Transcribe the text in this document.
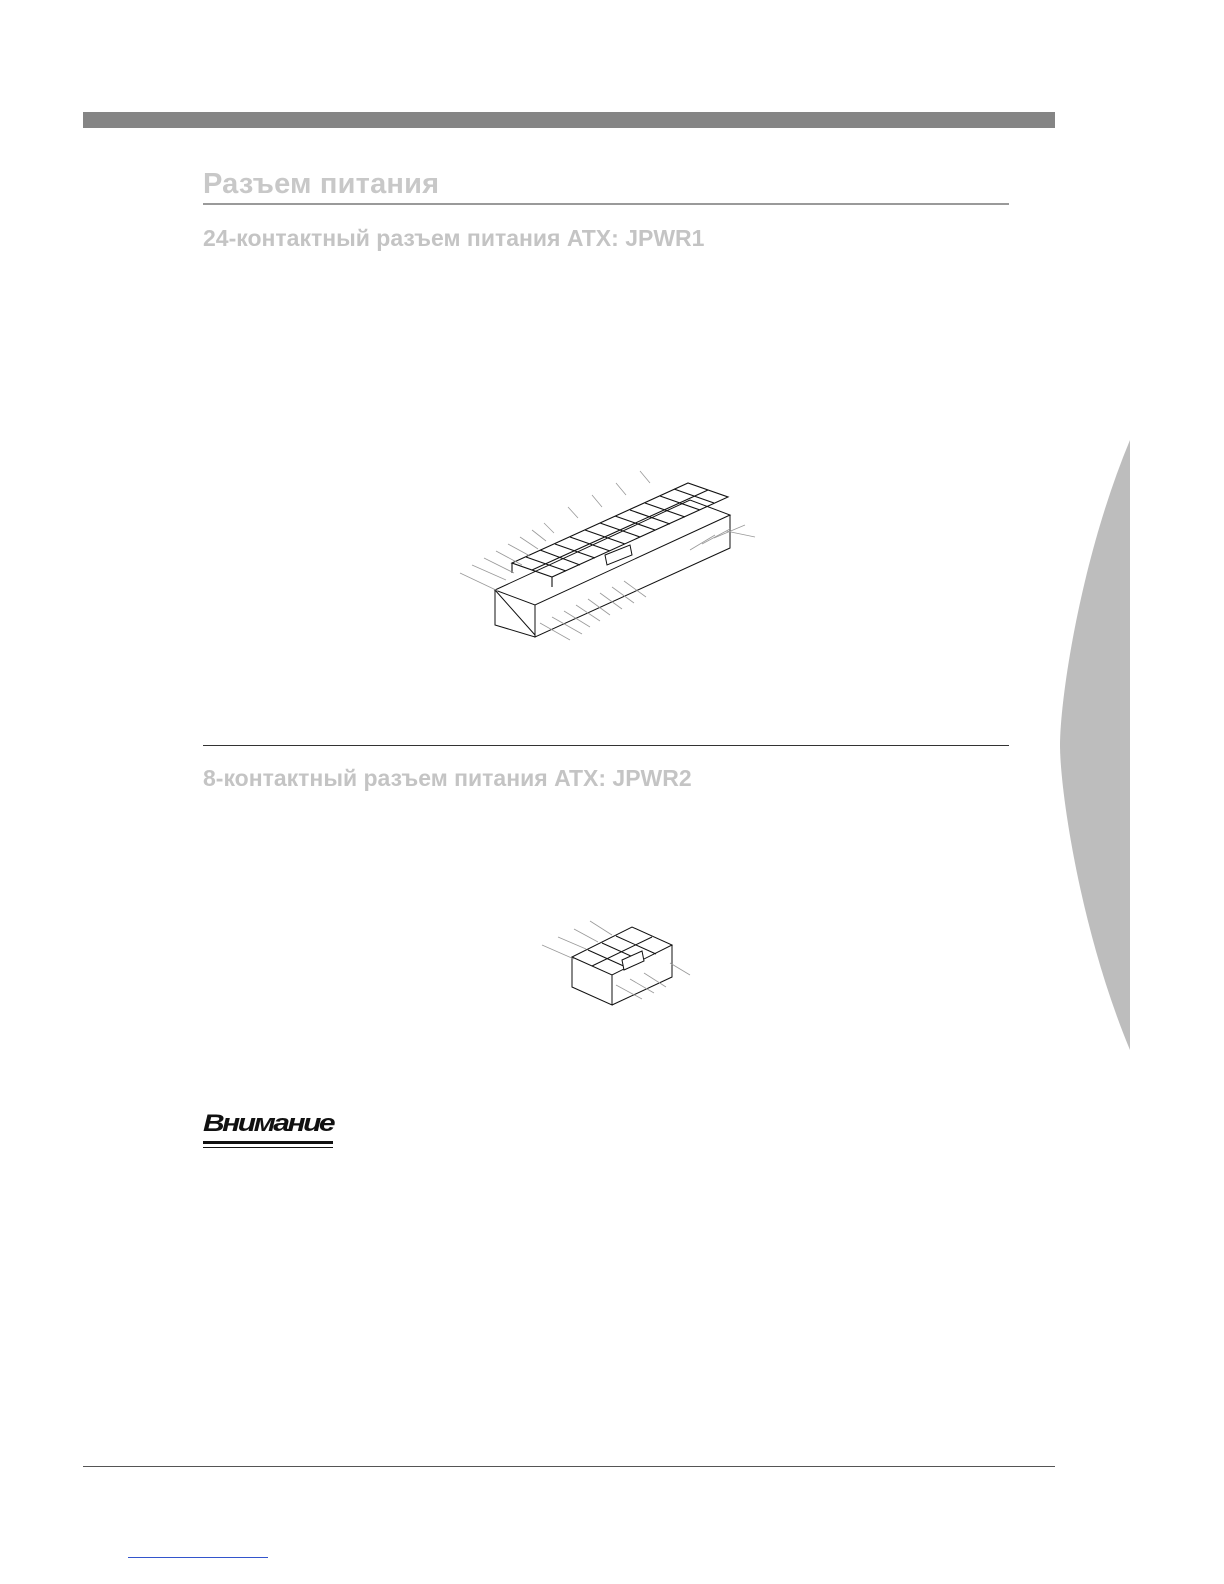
Разъем питания
24-контактный разъем питания ATX: JPWR1
8-контактный разъем питания ATX: JPWR2
Внимание
